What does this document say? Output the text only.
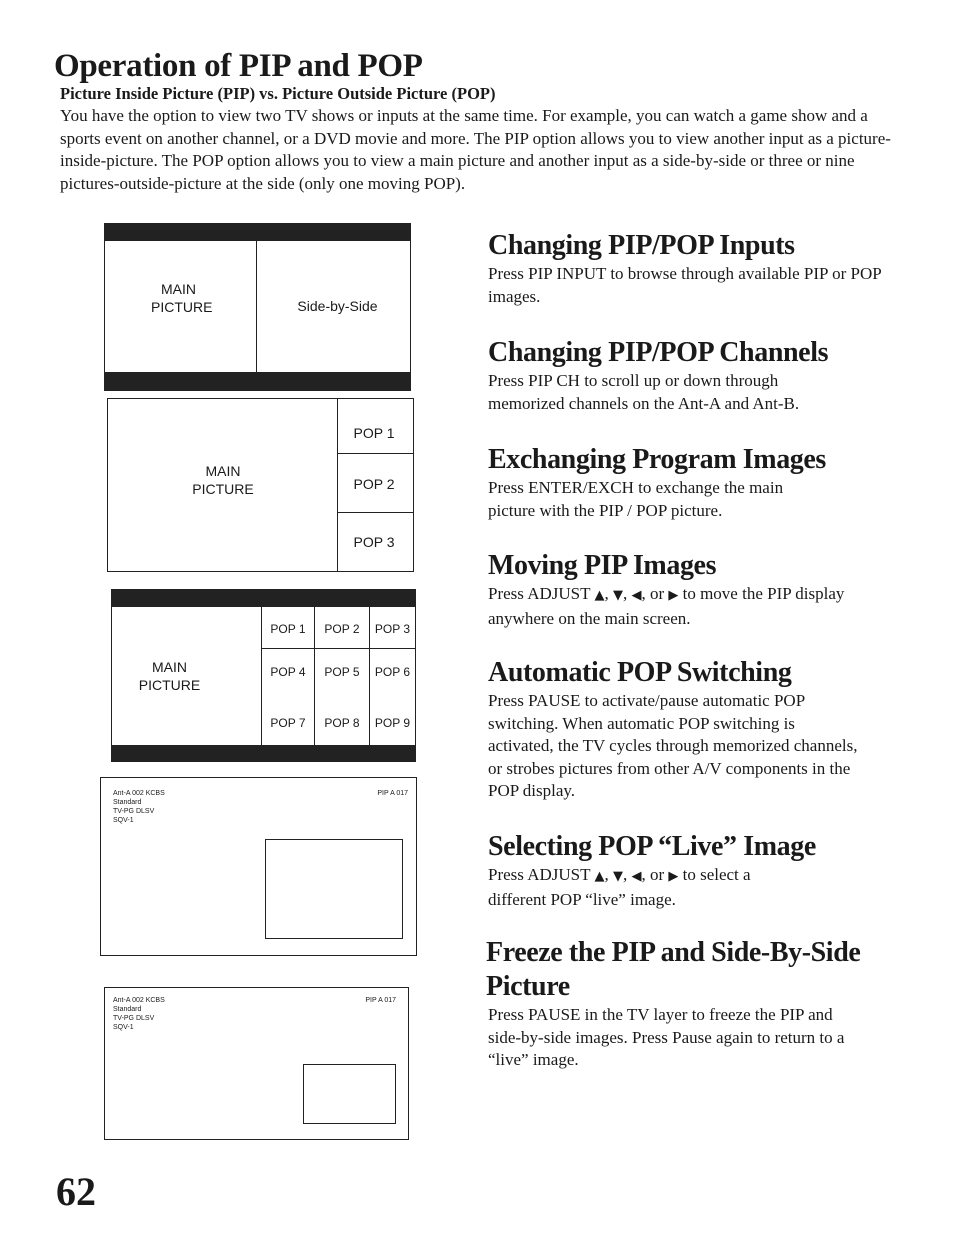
Operation of PIP and POP
Picture Inside Picture (PIP) vs. Picture Outside Picture (POP)

You have the option to view two TV shows or inputs at the same time. For example, you can watch a game show and a sports event on another channel, or a DVD movie and more. The PIP option allows you to view another input as a picture-inside-picture. The POP option allows you to view a main picture and another input as a side-by-side or three or nine pictures-outside-picture at the side (only one moving POP).

MAIN
PICTURE	Side-by-Side
MAIN
PICTURE
POP 1
POP 2
POP 3
MAIN
PICTURE
POP 1	POP 2	POP 3
POP 4	POP 5	POP 6
POP 7	POP 8	POP 9
Ant-A 002 KCBS
Standard
TV-PG DLSV
SQV-1
PIP A 017
Ant-A 002 KCBS
Standard
TV-PG DLSV
SQV-1
PIP A 017
Changing PIP/POP Inputs

Press PIP INPUT to browse through available PIP or POP images.

Changing PIP/POP Channels

Press PIP CH to scroll up or down through
memorized channels on the Ant-A and Ant-B.

Exchanging Program Images

Press ENTER/EXCH to exchange the main
picture with the PIP / POP picture.

Moving PIP Images

Press ADJUST ▲, ▼, ◀, or ▶ to move the PIP display
anywhere on the main screen.

Automatic POP Switching

Press PAUSE to activate/pause automatic POP
switching. When automatic POP switching is
activated, the TV cycles through memorized channels,
or strobes pictures from other A/V components in the
POP display.

Selecting POP “Live” Image

Press ADJUST ▲, ▼, ◀, or ▶ to select a
different POP “live” image.

Freeze the PIP and Side-By-Side
Picture

Press PAUSE in the TV layer to freeze the PIP and
side-by-side images. Press Pause again to return to a
“live” image.

62
